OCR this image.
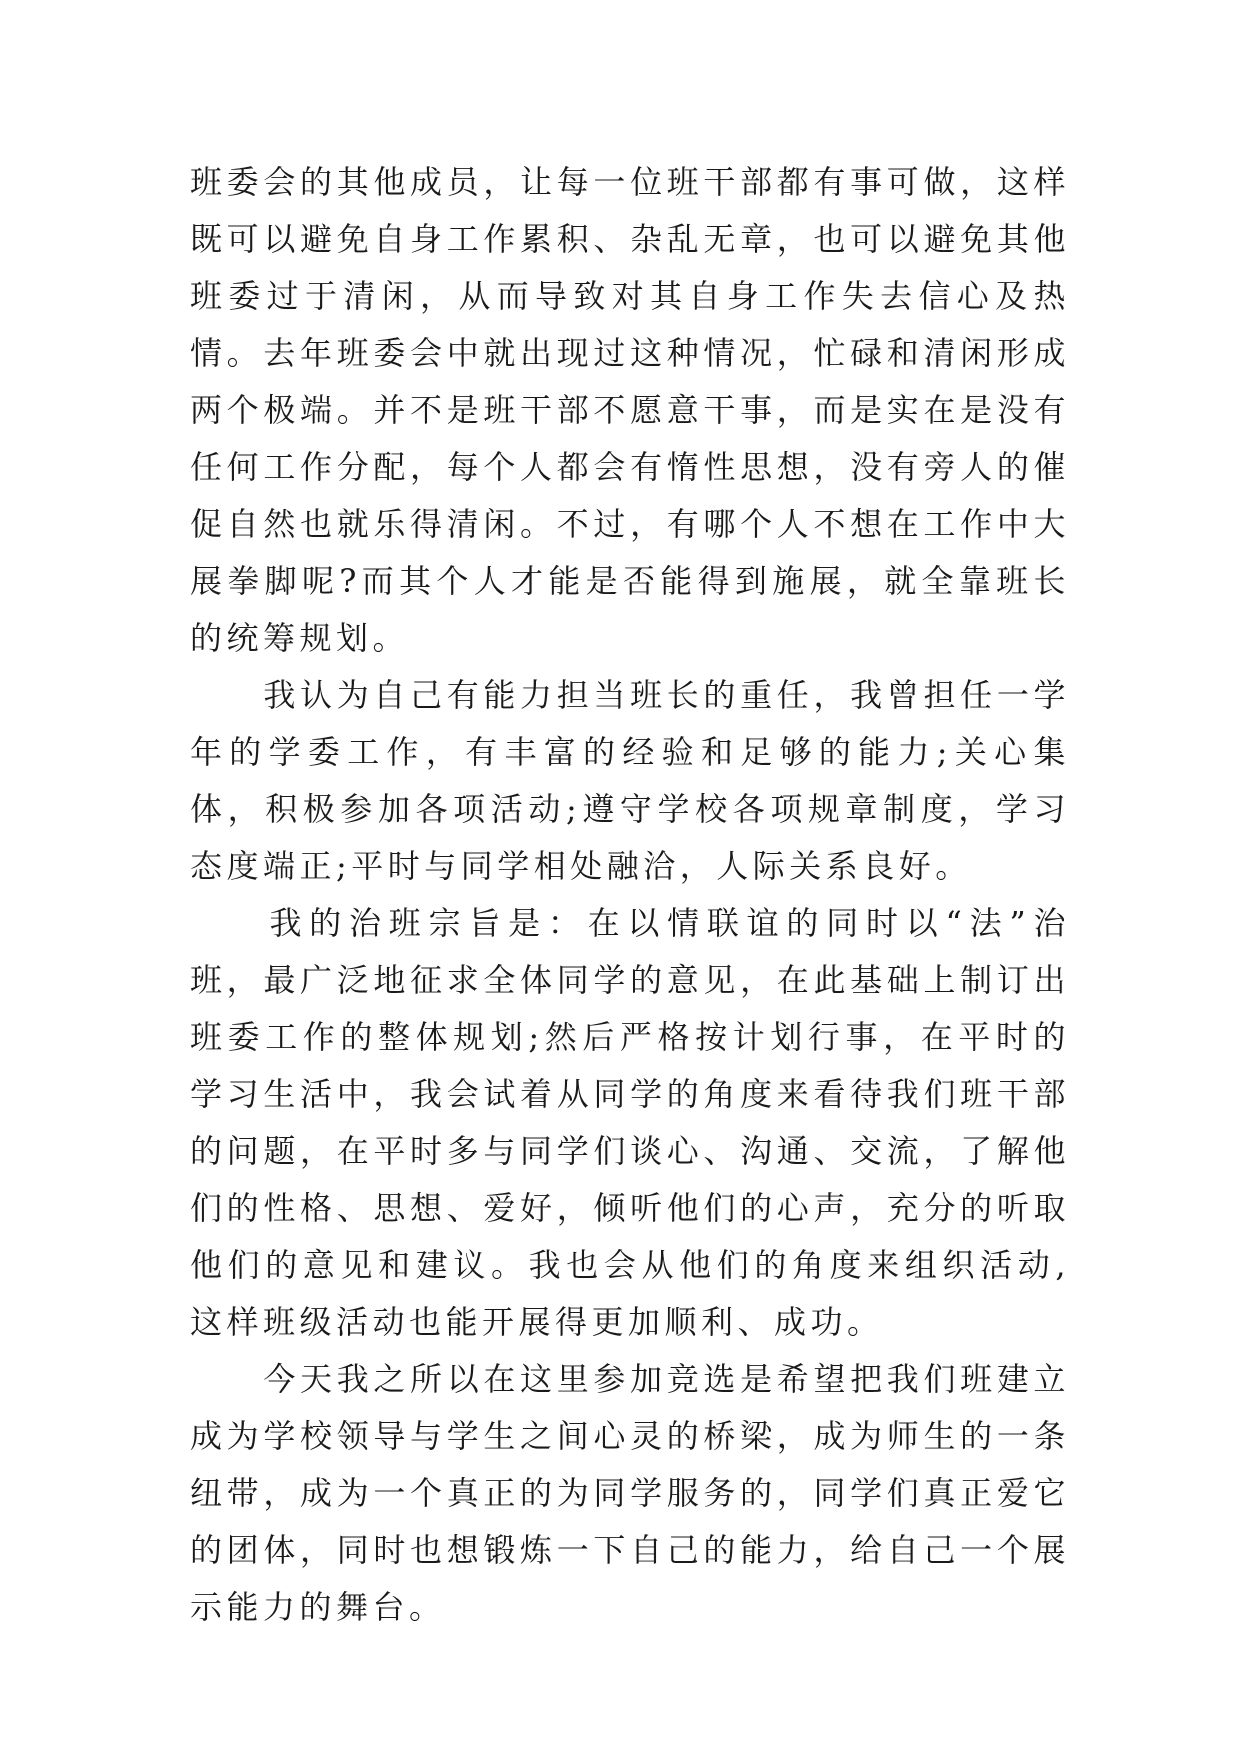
班委会的其他成员，让每一位班干部都有事可做，这样既可以避免自身工作累积、杂乱无章，也可以避免其他班委过于清闲，从而导致对其自身工作失去信心及热情。去年班委会中就出现过这种情况，忙碌和清闲形成两个极端。并不是班干部不愿意干事，而是实在是没有任何工作分配，每个人都会有惰性思想，没有旁人的催促自然也就乐得清闲。不过，有哪个人不想在工作中大展拳脚呢?而其个人才能是否能得到施展，就全靠班长的统筹规划。

　　我认为自己有能力担当班长的重任，我曾担任一学年的学委工作，有丰富的经验和足够的能力;关心集体，积极参加各项活动;遵守学校各项规章制度，学习态度端正;平时与同学相处融洽，人际关系良好。

　　我的治班宗旨是：在以情联谊的同时以“法”治班，最广泛地征求全体同学的意见，在此基础上制订出班委工作的整体规划;然后严格按计划行事，在平时的学习生活中，我会试着从同学的角度来看待我们班干部的问题，在平时多与同学们谈心、沟通、交流，了解他们的性格、思想、爱好，倾听他们的心声，充分的听取他们的意见和建议。我也会从他们的角度来组织活动,这样班级活动也能开展得更加顺利、成功。

　　今天我之所以在这里参加竞选是希望把我们班建立成为学校领导与学生之间心灵的桥梁，成为师生的一条纽带，成为一个真正的为同学服务的，同学们真正爱它的团体，同时也想锻炼一下自己的能力，给自己一个展示能力的舞台。
